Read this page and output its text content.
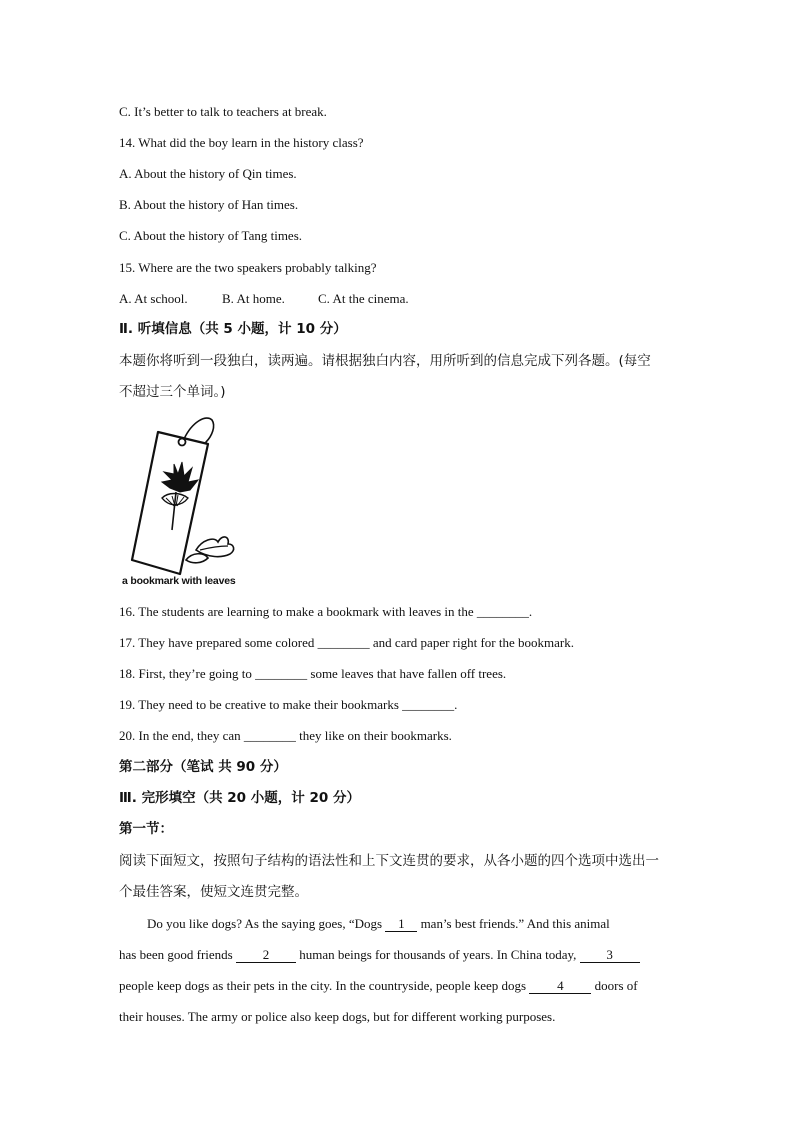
C. It’s better to talk to teachers at break.
14. What did the boy learn in the history class?
A. About the history of Qin times.
B. About the history of Han times.
C. About the history of Tang times.
15. Where are the two speakers probably talking?
A. At school.	B. At home.	C. At the cinema.
Ⅱ. 听填信息（共 5 小题，计 10 分）
本题你将听到一段独白，读两遍。请根据独白内容，用所听到的信息完成下列各题。(每空
不超过三个单词。)
a bookmark with leaves
16. The students are learning to make a bookmark with leaves in the ________.
17. They have prepared some colored ________ and card paper right for the bookmark.
18. First, they’re going to ________ some leaves that have fallen off trees.
19. They need to be creative to make their bookmarks ________.
20. In the end, they can ________ they like on their bookmarks.
第二部分（笔试 共 90 分）
Ⅲ. 完形填空（共 20 小题，计 20 分）
第一节：
阅读下面短文，按照句子结构的语法性和上下文连贯的要求，从各小题的四个选项中选出一
个最佳答案，使短文连贯完整。
Do you like dogs? As the saying goes, “Dogs 1 man’s best friends.” And this animal
has been good friends 2 human beings for thousands of years. In China today, 3
people keep dogs as their pets in the city. In the countryside, people keep dogs 4 doors of
their houses. The army or police also keep dogs, but for different working purposes.
